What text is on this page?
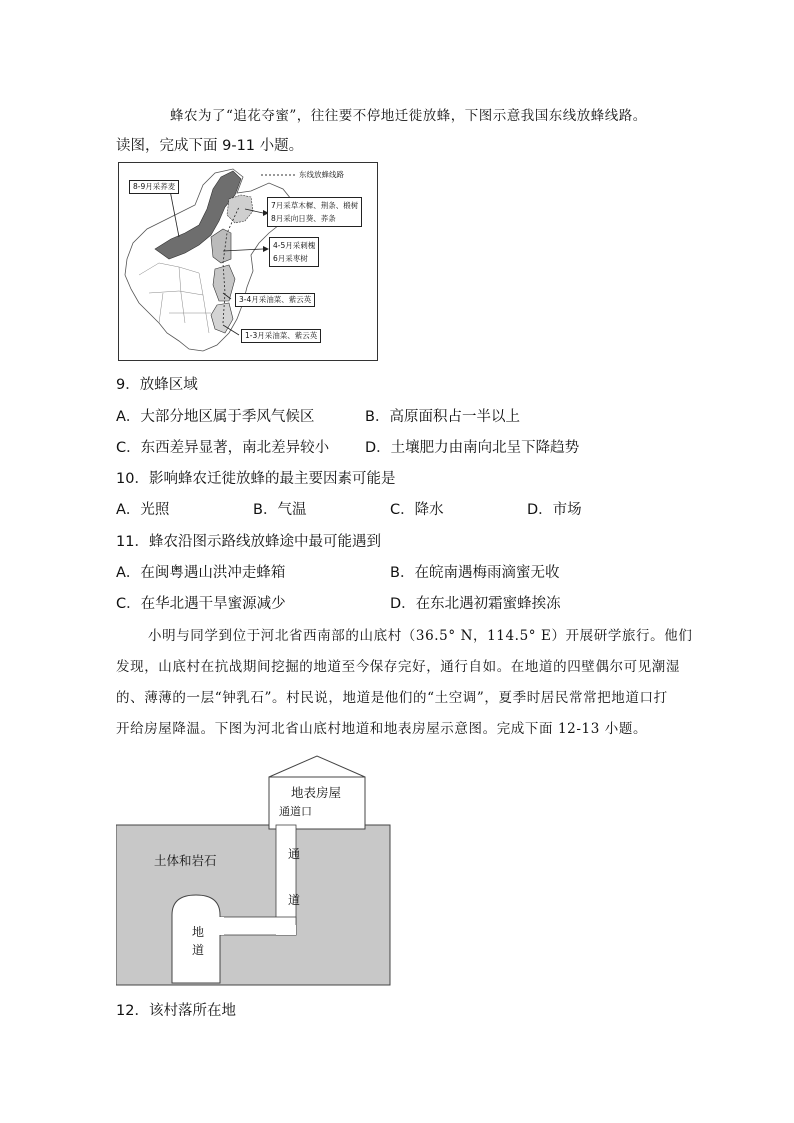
蜂农为了“追花夺蜜”，往往要不停地迁徙放蜂，下图示意我国东线放蜂线路。
读图，完成下面 9-11 小题。
东线放蜂线路
8-9月采荞麦
7月采草木樨、荆条、椴树
8月采向日葵、荞条
4-5月采刺槐
6月采枣树
3-4月采油菜、紫云英
1-3月采油菜、紫云英
9．放蜂区域
A．大部分地区属于季风气候区	B．高原面积占一半以上
C．东西差异显著，南北差异较小 D．土壤肥力由南向北呈下降趋势
10．影响蜂农迁徙放蜂的最主要因素可能是
A．光照	B．气温	C．降水	D．市场
11．蜂农沿图示路线放蜂途中最可能遇到
A．在闽粤遇山洪冲走蜂箱	B．在皖南遇梅雨滴蜜无收
C．在华北遇干旱蜜源减少	D．在东北遇初霜蜜蜂挨冻
小明与同学到位于河北省西南部的山底村（36.5° N，114.5° E）开展研学旅行。他们
发现，山底村在抗战期间挖掘的地道至今保存完好，通行自如。在地道的四壁偶尔可见潮湿
的、薄薄的一层“钟乳石”。村民说，地道是他们的“土空调”，夏季时居民常常把地道口打
开给房屋降温。下图为河北省山底村地道和地表房屋示意图。完成下面 12-13 小题。
地表房屋
通道口
土体和岩石	通
道
地
道
12．该村落所在地
